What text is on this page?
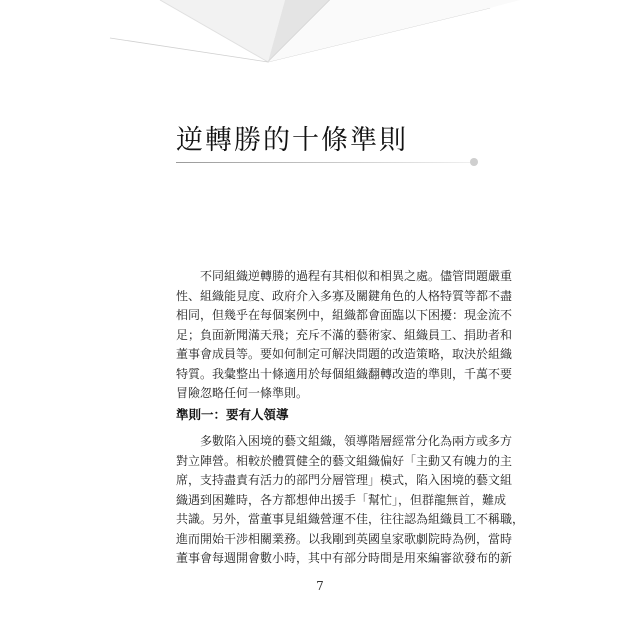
逆轉勝的十條準則

不同組織逆轉勝的過程有其相似和相異之處。儘管問題嚴重
性、組織能見度、政府介入多寡及關鍵角色的人格特質等都不盡
相同，但幾乎在每個案例中，組織都會面臨以下困擾：現金流不
足；負面新聞滿天飛；充斥不滿的藝術家、組織員工、捐助者和
董事會成員等。要如何制定可解決問題的改造策略，取決於組織
特質。我彙整出十條適用於每個組織翻轉改造的準則，千萬不要
冒險忽略任何一條準則。

準則一：要有人領導

多數陷入困境的藝文組織，領導階層經常分化為兩方或多方
對立陣營。相較於體質健全的藝文組織偏好「主動又有魄力的主
席，支持盡責有活力的部門分層管理」模式，陷入困境的藝文組
織遇到困難時，各方都想伸出援手「幫忙」，但群龍無首，難成
共識。另外，當董事見組織營運不佳，往往認為組織員工不稱職，
進而開始干涉相關業務。以我剛到英國皇家歌劇院時為例，當時
董事會每週開會數小時，其中有部分時間是用來編審欲發布的新

7
